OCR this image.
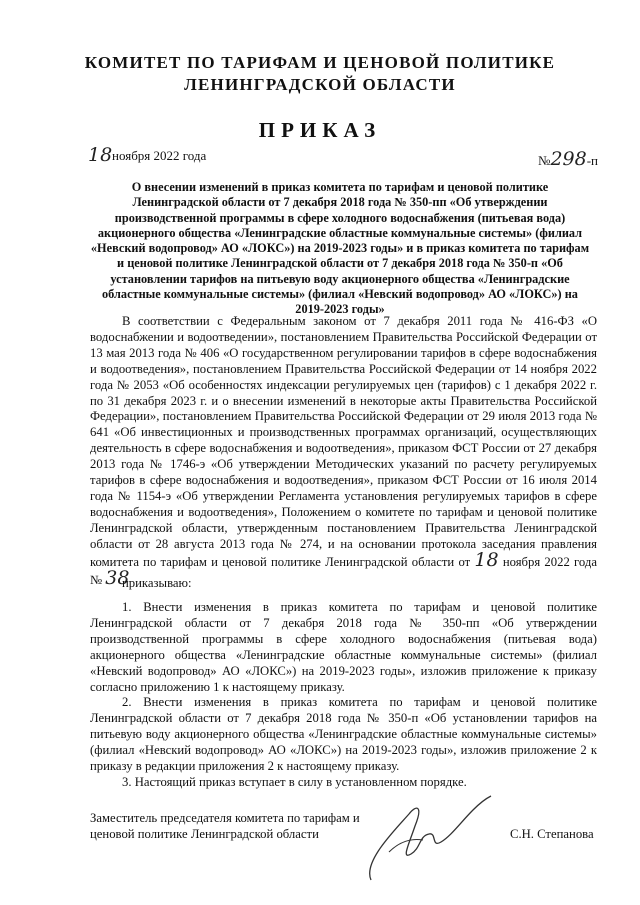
КОМИТЕТ ПО ТАРИФАМ И ЦЕНОВОЙ ПОЛИТИКЕ
ЛЕНИНГРАДСКОЙ ОБЛАСТИ
ПРИКАЗ
18 ноября 2022 года	№298-п
О внесении изменений в приказ комитета по тарифам и ценовой политике Ленинградской области от 7 декабря 2018 года № 350-пп «Об утверждении производственной программы в сфере холодного водоснабжения (питьевая вода) акционерного общества «Ленинградские областные коммунальные системы» (филиал «Невский водопровод» АО «ЛОКС») на 2019-2023 годы» и в приказ комитета по тарифам и ценовой политике Ленинградской области от 7 декабря 2018 года № 350-п «Об установлении тарифов на питьевую воду акционерного общества «Ленинградские областные коммунальные системы» (филиал «Невский водопровод» АО «ЛОКС») на 2019-2023 годы»

В соответствии с Федеральным законом от 7 декабря 2011 года № 416-ФЗ «О водоснабжении и водоотведении», постановлением Правительства Российской Федерации от 13 мая 2013 года № 406 «О государственном регулировании тарифов в сфере водоснабжения и водоотведения», постановлением Правительства Российской Федерации от 14 ноября 2022 года № 2053 «Об особенностях индексации регулируемых цен (тарифов) с 1 декабря 2022 г. по 31 декабря 2023 г. и о внесении изменений в некоторые акты Правительства Российской Федерации», постановлением Правительства Российской Федерации от 29 июля 2013 года № 641 «Об инвестиционных и производственных программах организаций, осуществляющих деятельность в сфере водоснабжения и водоотведения», приказом ФСТ России от 27 декабря 2013 года № 1746-э «Об утверждении Методических указаний по расчету регулируемых тарифов в сфере водоснабжения и водоотведения», приказом ФСТ России от 16 июля 2014 года № 1154-э «Об утверждении Регламента установления регулируемых тарифов в сфере водоснабжения и водоотведения», Положением о комитете по тарифам и ценовой политике Ленинградской области, утвержденным постановлением Правительства Ленинградской области от 28 августа 2013 года № 274, и на основании протокола заседания правления комитета по тарифам и ценовой политике Ленинградской области от 18 ноября 2022 года № 38

приказываю:

1. Внести изменения в приказ комитета по тарифам и ценовой политике Ленинградской области от 7 декабря 2018 года № 350-пп «Об утверждении производственной программы в сфере холодного водоснабжения (питьевая вода) акционерного общества «Ленинградские областные коммунальные системы» (филиал «Невский водопровод» АО «ЛОКС») на 2019-2023 годы», изложив приложение к приказу согласно приложению 1 к настоящему приказу.

2. Внести изменения в приказ комитета по тарифам и ценовой политике Ленинградской области от 7 декабря 2018 года № 350-п «Об установлении тарифов на питьевую воду акционерного общества «Ленинградские областные коммунальные системы» (филиал «Невский водопровод» АО «ЛОКС») на 2019-2023 годы», изложив приложение 2 к приказу в редакции приложения 2 к настоящему приказу.

3. Настоящий приказ вступает в силу в установленном порядке.

Заместитель председателя комитета по тарифам и ценовой политике Ленинградской области	С.Н. Степанова
